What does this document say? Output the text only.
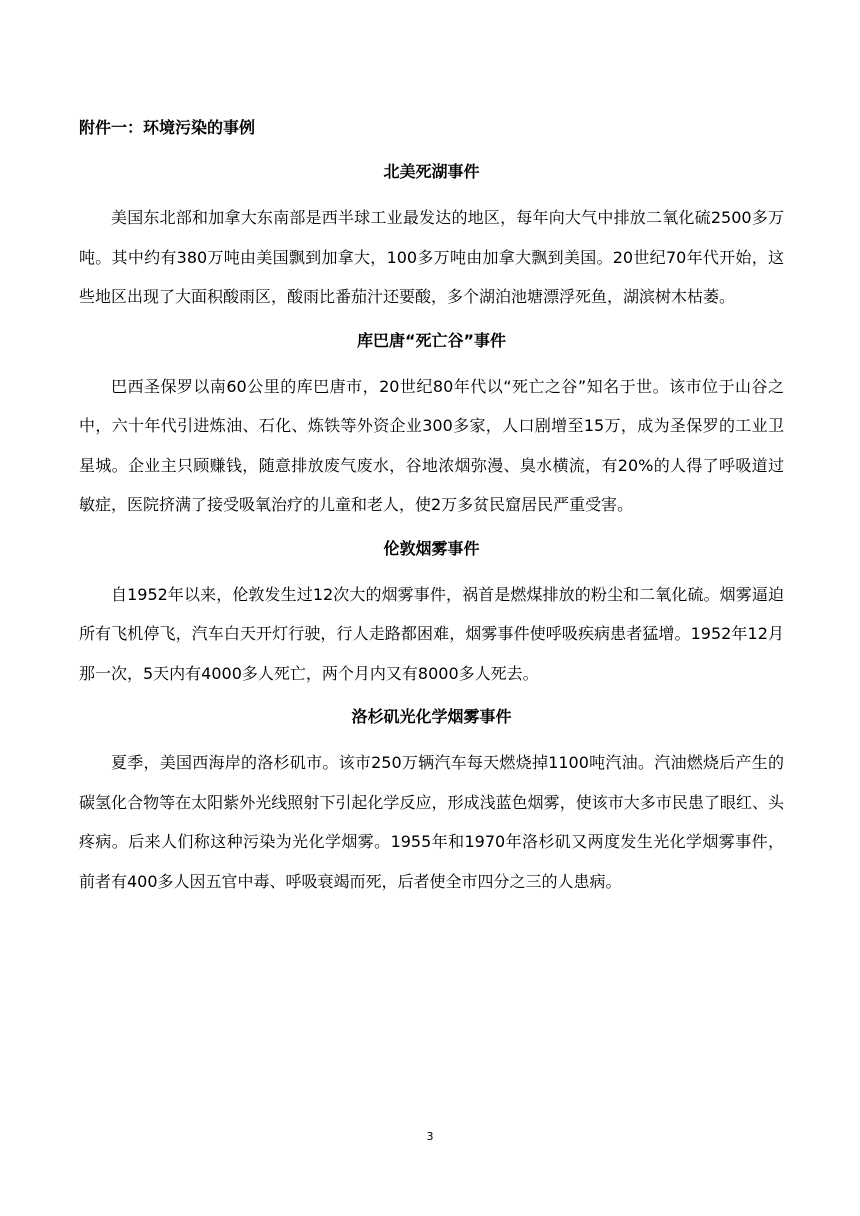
附件一：环境污染的事例
北美死湖事件

美国东北部和加拿大东南部是西半球工业最发达的地区，每年向大气中排放二氧化硫2500多万吨。其中约有380万吨由美国飘到加拿大，100多万吨由加拿大飘到美国。20世纪70年代开始，这些地区出现了大面积酸雨区，酸雨比番茄汁还要酸，多个湖泊池塘漂浮死鱼，湖滨树木枯萎。

库巴唐“死亡谷”事件

巴西圣保罗以南60公里的库巴唐市，20世纪80年代以“死亡之谷”知名于世。该市位于山谷之中，六十年代引进炼油、石化、炼铁等外资企业300多家，人口剧增至15万，成为圣保罗的工业卫星城。企业主只顾赚钱，随意排放废气废水，谷地浓烟弥漫、臭水横流，有20%的人得了呼吸道过敏症，医院挤满了接受吸氧治疗的儿童和老人，使2万多贫民窟居民严重受害。

伦敦烟雾事件

自1952年以来，伦敦发生过12次大的烟雾事件，祸首是燃煤排放的粉尘和二氧化硫。烟雾逼迫所有飞机停飞，汽车白天开灯行驶，行人走路都困难，烟雾事件使呼吸疾病患者猛增。1952年12月那一次，5天内有4000多人死亡，两个月内又有8000多人死去。

洛杉矶光化学烟雾事件

夏季，美国西海岸的洛杉矶市。该市250万辆汽车每天燃烧掉1100吨汽油。汽油燃烧后产生的碳氢化合物等在太阳紫外光线照射下引起化学反应，形成浅蓝色烟雾，使该市大多市民患了眼红、头疼病。后来人们称这种污染为光化学烟雾。1955年和1970年洛杉矶又两度发生光化学烟雾事件，前者有400多人因五官中毒、呼吸衰竭而死，后者使全市四分之三的人患病。

3
